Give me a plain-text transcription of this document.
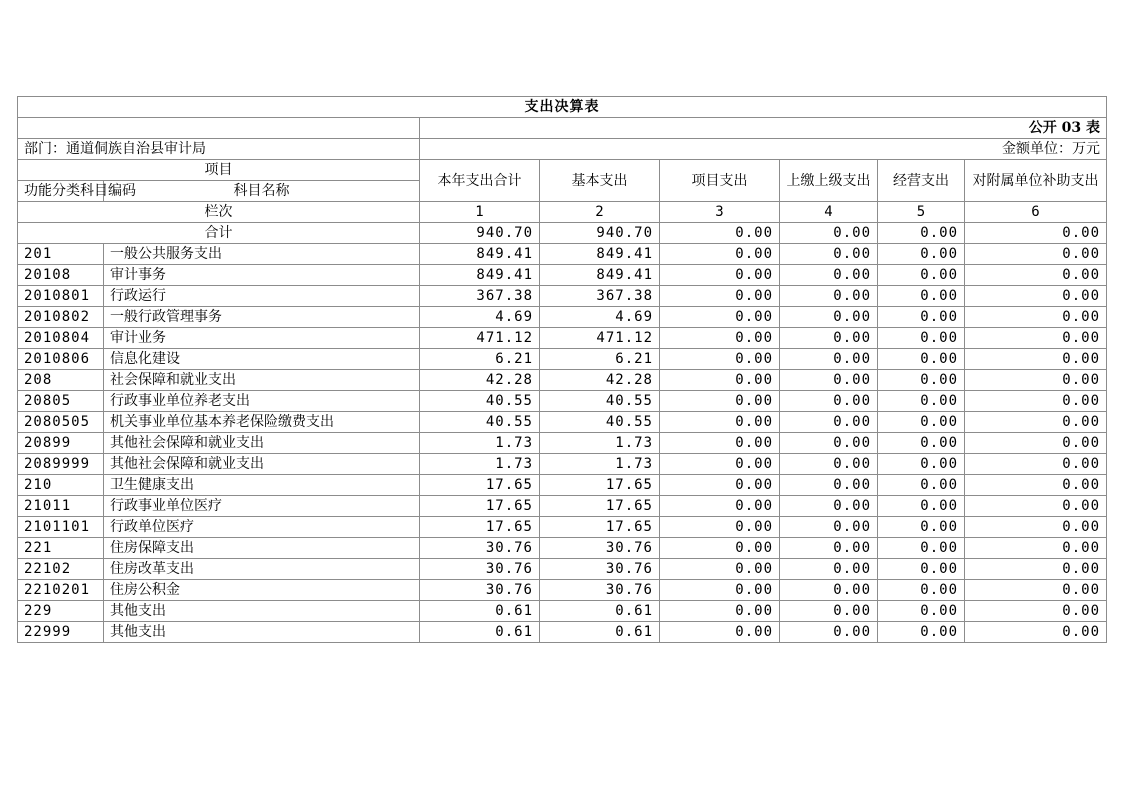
支出决算表							
		公开 03 表					
部门：通道侗族自治县审计局		金额单位：万元					
项目		本年支出合计	基本支出	项目支出	上缴上级支出	经营支出	对附属单位补助支出
功能分类科目编码	科目名称						
栏次		1	2	3	4	5	6
合计		940.70	940.70	0.00	0.00	0.00	0.00
201	一般公共服务支出	849.41	849.41	0.00	0.00	0.00	0.00
20108	审计事务	849.41	849.41	0.00	0.00	0.00	0.00
2010801	行政运行	367.38	367.38	0.00	0.00	0.00	0.00
2010802	一般行政管理事务	4.69	4.69	0.00	0.00	0.00	0.00
2010804	审计业务	471.12	471.12	0.00	0.00	0.00	0.00
2010806	信息化建设	6.21	6.21	0.00	0.00	0.00	0.00
208	社会保障和就业支出	42.28	42.28	0.00	0.00	0.00	0.00
20805	行政事业单位养老支出	40.55	40.55	0.00	0.00	0.00	0.00
2080505	机关事业单位基本养老保险缴费支出	40.55	40.55	0.00	0.00	0.00	0.00
20899	其他社会保障和就业支出	1.73	1.73	0.00	0.00	0.00	0.00
2089999	其他社会保障和就业支出	1.73	1.73	0.00	0.00	0.00	0.00
210	卫生健康支出	17.65	17.65	0.00	0.00	0.00	0.00
21011	行政事业单位医疗	17.65	17.65	0.00	0.00	0.00	0.00
2101101	行政单位医疗	17.65	17.65	0.00	0.00	0.00	0.00
221	住房保障支出	30.76	30.76	0.00	0.00	0.00	0.00
22102	住房改革支出	30.76	30.76	0.00	0.00	0.00	0.00
2210201	住房公积金	30.76	30.76	0.00	0.00	0.00	0.00
229	其他支出	0.61	0.61	0.00	0.00	0.00	0.00
22999	其他支出	0.61	0.61	0.00	0.00	0.00	0.00
